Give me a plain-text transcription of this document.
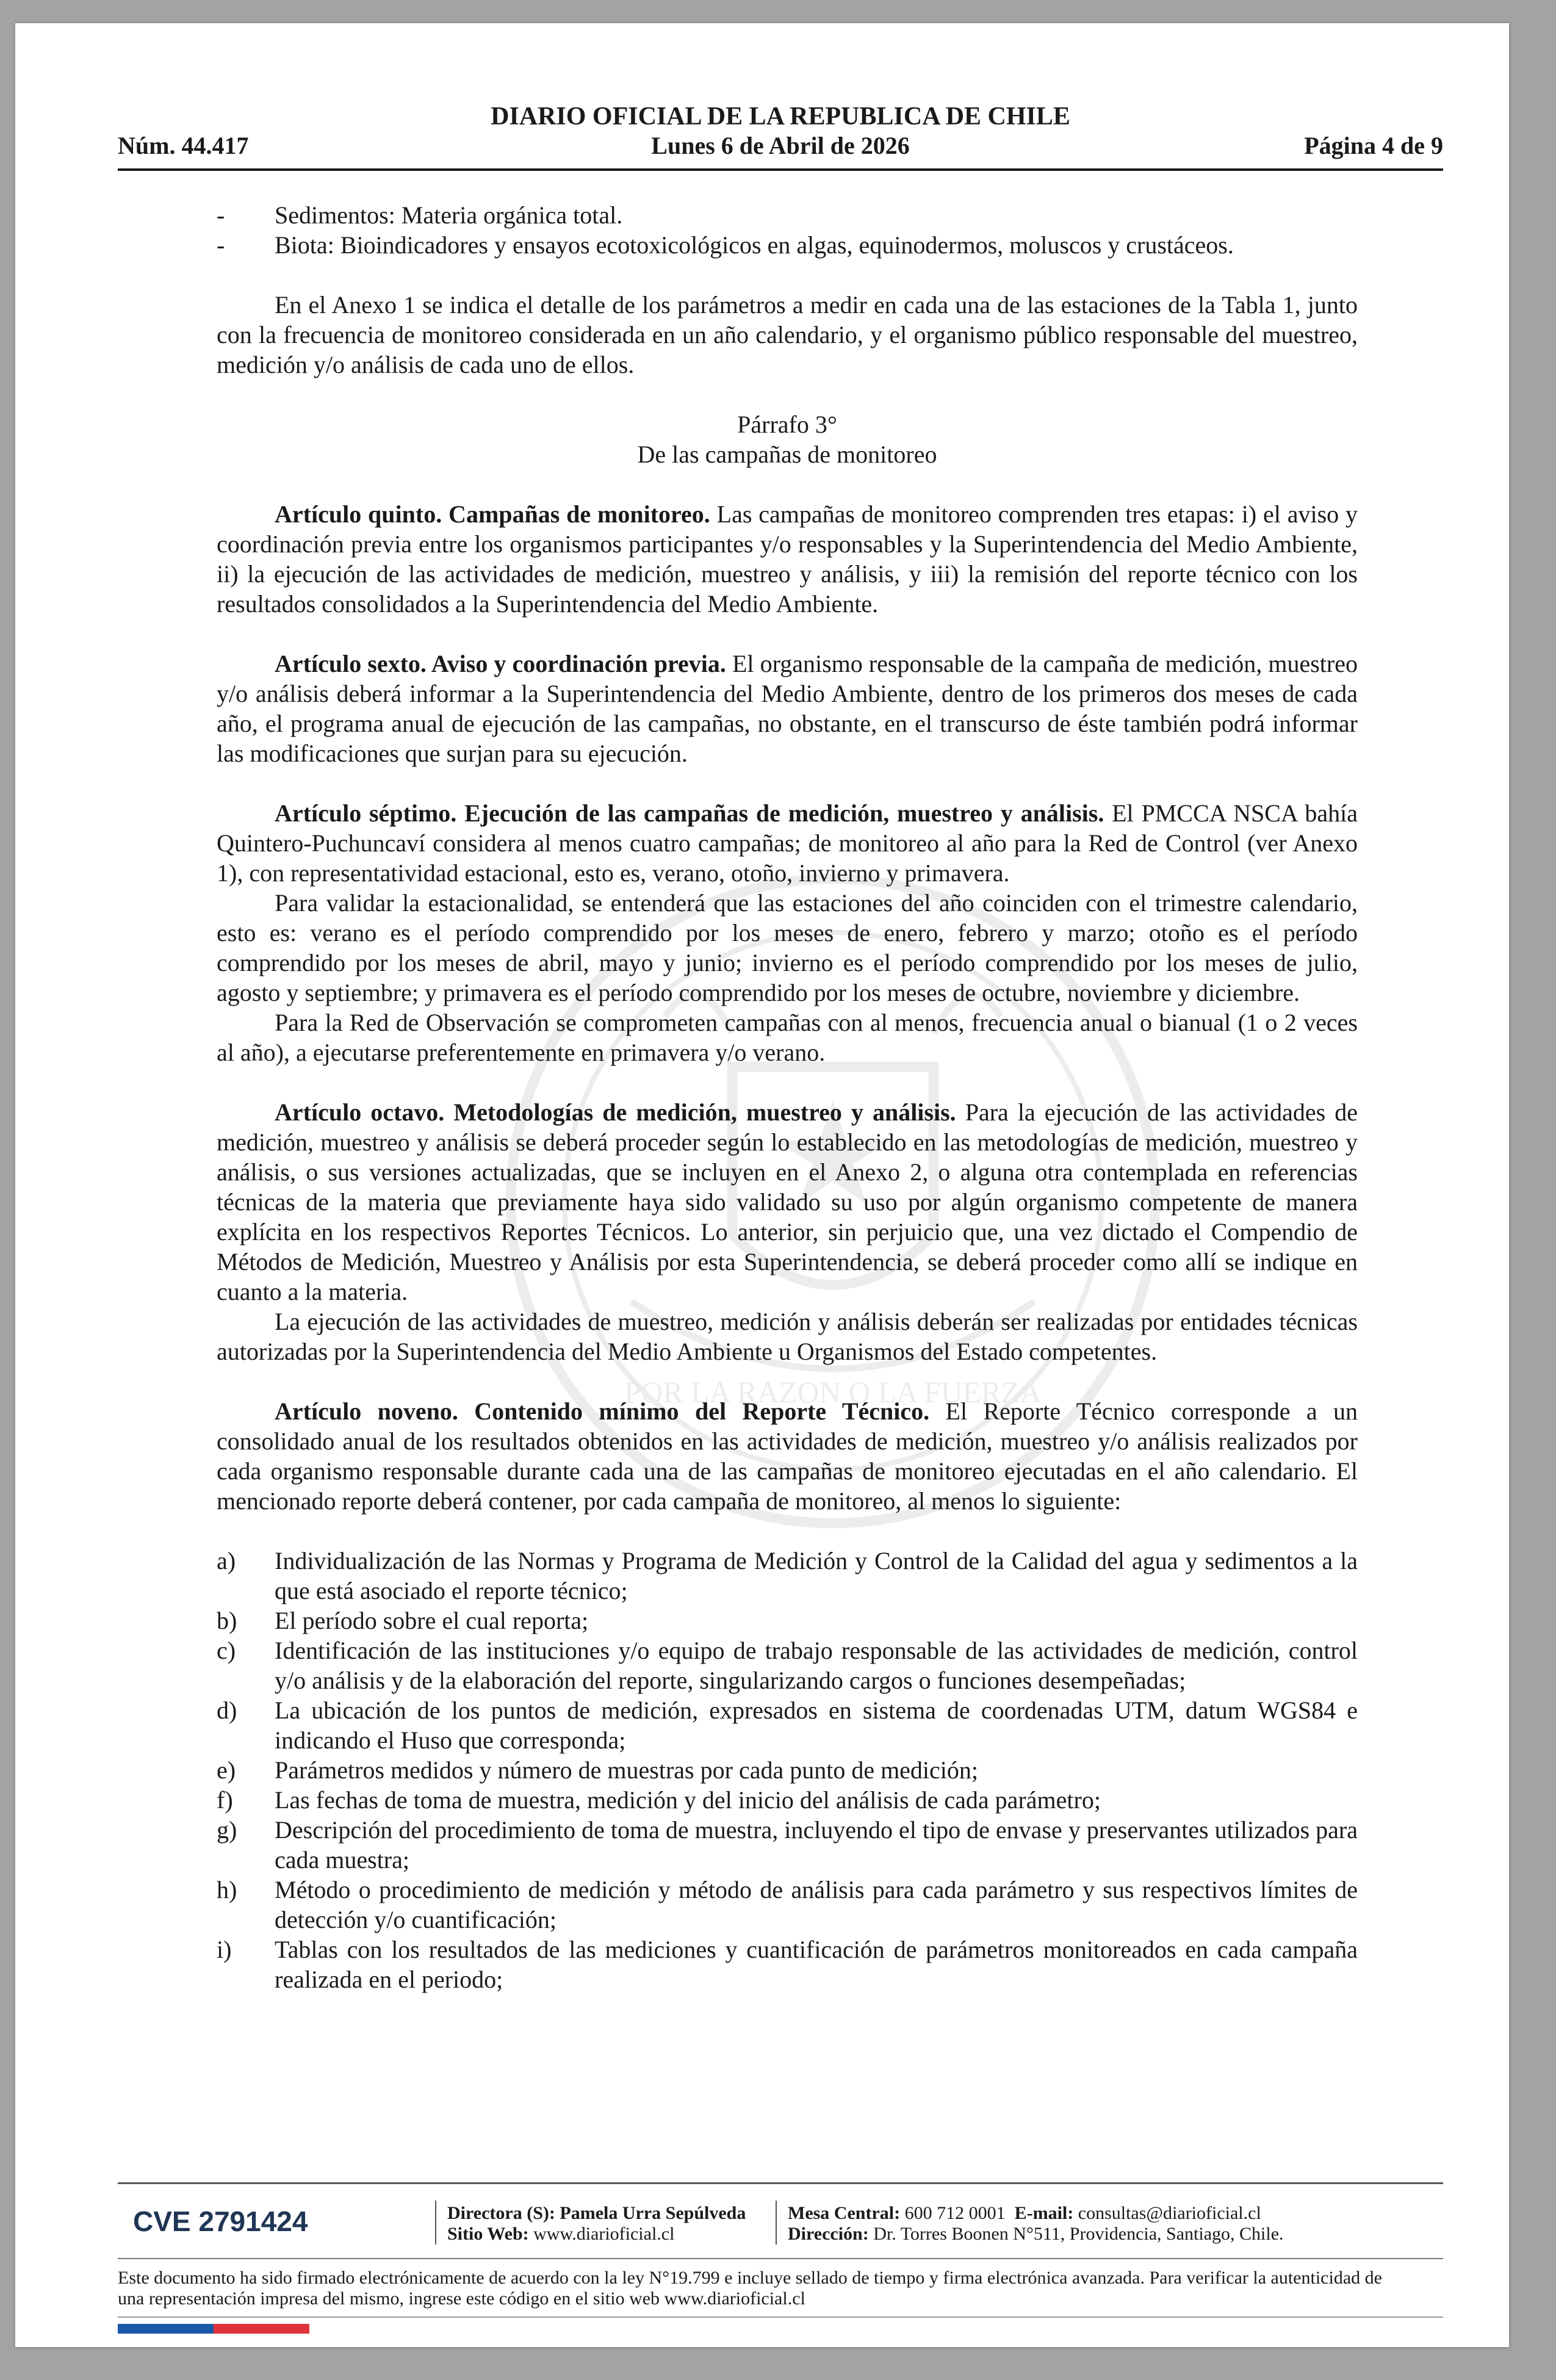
POR LA RAZON O LA FUERZA
DIARIO OFICIAL DE LA REPUBLICA DE CHILE
Núm. 44.417	Lunes 6 de Abril de 2026	Página 4 de 9

- Sedimentos: Materia orgánica total.

- Biota: Bioindicadores y ensayos ecotoxicológicos en algas, equinodermos, moluscos y crustáceos.

En el Anexo 1 se indica el detalle de los parámetros a medir en cada una de las estaciones de la Tabla 1, junto con la frecuencia de monitoreo considerada en un año calendario, y el organismo público responsable del muestreo, medición y/o análisis de cada uno de ellos.

Párrafo 3°

De las campañas de monitoreo

Artículo quinto. Campañas de monitoreo. Las campañas de monitoreo comprenden tres etapas: i) el aviso y coordinación previa entre los organismos participantes y/o responsables y la Superintendencia del Medio Ambiente, ii) la ejecución de las actividades de medición, muestreo y análisis, y iii) la remisión del reporte técnico con los resultados consolidados a la Superintendencia del Medio Ambiente.

Artículo sexto. Aviso y coordinación previa. El organismo responsable de la campaña de medición, muestreo y/o análisis deberá informar a la Superintendencia del Medio Ambiente, dentro de los primeros dos meses de cada año, el programa anual de ejecución de las campañas, no obstante, en el transcurso de éste también podrá informar las modificaciones que surjan para su ejecución.

Artículo séptimo. Ejecución de las campañas de medición, muestreo y análisis. El PMCCA NSCA bahía Quintero-Puchuncaví considera al menos cuatro campañas; de monitoreo al año para la Red de Control (ver Anexo 1), con representatividad estacional, esto es, verano, otoño, invierno y primavera.

Para validar la estacionalidad, se entenderá que las estaciones del año coinciden con el trimestre calendario, esto es: verano es el período comprendido por los meses de enero, febrero y marzo; otoño es el período comprendido por los meses de abril, mayo y junio; invierno es el período comprendido por los meses de julio, agosto y septiembre; y primavera es el período comprendido por los meses de octubre, noviembre y diciembre.

Para la Red de Observación se comprometen campañas con al menos, frecuencia anual o bianual (1 o 2 veces al año), a ejecutarse preferentemente en primavera y/o verano.

Artículo octavo. Metodologías de medición, muestreo y análisis. Para la ejecución de las actividades de medición, muestreo y análisis se deberá proceder según lo establecido en las metodologías de medición, muestreo y análisis, o sus versiones actualizadas, que se incluyen en el Anexo 2, o alguna otra contemplada en referencias técnicas de la materia que previamente haya sido validado su uso por algún organismo competente de manera explícita en los respectivos Reportes Técnicos. Lo anterior, sin perjuicio que, una vez dictado el Compendio de Métodos de Medición, Muestreo y Análisis por esta Superintendencia, se deberá proceder como allí se indique en cuanto a la materia.

La ejecución de las actividades de muestreo, medición y análisis deberán ser realizadas por entidades técnicas autorizadas por la Superintendencia del Medio Ambiente u Organismos del Estado competentes.

Artículo noveno. Contenido mínimo del Reporte Técnico. El Reporte Técnico corresponde a un consolidado anual de los resultados obtenidos en las actividades de medición, muestreo y/o análisis realizados por cada organismo responsable durante cada una de las campañas de monitoreo ejecutadas en el año calendario. El mencionado reporte deberá contener, por cada campaña de monitoreo, al menos lo siguiente:

a) Individualización de las Normas y Programa de Medición y Control de la Calidad del agua y sedimentos a la que está asociado el reporte técnico;

b) El período sobre el cual reporta;

c) Identificación de las instituciones y/o equipo de trabajo responsable de las actividades de medición, control y/o análisis y de la elaboración del reporte, singularizando cargos o funciones desempeñadas;

d) La ubicación de los puntos de medición, expresados en sistema de coordenadas UTM, datum WGS84 e indicando el Huso que corresponda;

e) Parámetros medidos y número de muestras por cada punto de medición;

f) Las fechas de toma de muestra, medición y del inicio del análisis de cada parámetro;

g) Descripción del procedimiento de toma de muestra, incluyendo el tipo de envase y preservantes utilizados para cada muestra;

h) Método o procedimiento de medición y método de análisis para cada parámetro y sus respectivos límites de detección y/o cuantificación;

i) Tablas con los resultados de las mediciones y cuantificación de parámetros monitoreados en cada campaña realizada en el periodo;

CVE 2791424	Directora (S): Pamela Urra Sepúlveda
Sitio Web: www.diarioficial.cl
Mesa Central: 600 712 0001 E-mail: consultas@diarioficial.cl
Dirección: Dr. Torres Boonen N°511, Providencia, Santiago, Chile.
Este documento ha sido firmado electrónicamente de acuerdo con la ley N°19.799 e incluye sellado de tiempo y firma electrónica avanzada. Para verificar la autenticidad de una representación impresa del mismo, ingrese este código en el sitio web www.diarioficial.cl
